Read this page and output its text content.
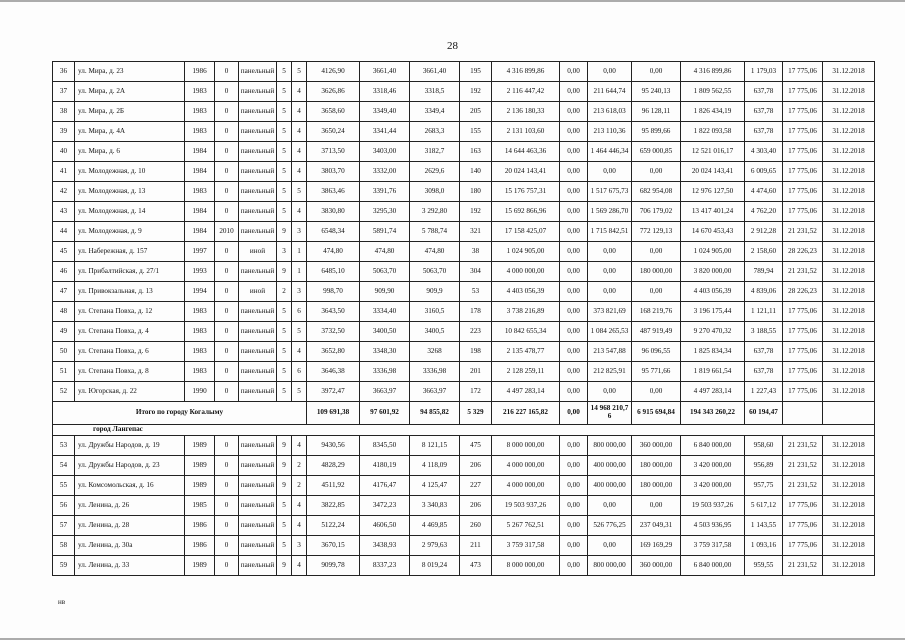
28
36	ул. Мира, д. 23	1986	0	панельный	5	5	4126,90	3661,40	3661,40	195	4 316 899,86	0,00	0,00	0,00	4 316 899,86	1 179,03	17 775,06	31.12.2018
37	ул. Мира, д. 2А	1983	0	панельный	5	4	3626,86	3318,46	3318,5	192	2 116 447,42	0,00	211 644,74	95 240,13	1 809 562,55	637,78	17 775,06	31.12.2018
38	ул. Мира, д. 2Б	1983	0	панельный	5	4	3658,60	3349,40	3349,4	205	2 136 180,33	0,00	213 618,03	96 128,11	1 826 434,19	637,78	17 775,06	31.12.2018
39	ул. Мира, д. 4А	1983	0	панельный	5	4	3650,24	3341,44	2683,3	155	2 131 103,60	0,00	213 110,36	95 899,66	1 822 093,58	637,78	17 775,06	31.12.2018
40	ул. Мира, д. 6	1984	0	панельный	5	4	3713,50	3403,00	3182,7	163	14 644 463,36	0,00	1 464 446,34	659 000,85	12 521 016,17	4 303,40	17 775,06	31.12.2018
41	ул. Молодежная, д. 10	1984	0	панельный	5	4	3803,70	3332,00	2629,6	140	20 024 143,41	0,00	0,00	0,00	20 024 143,41	6 009,65	17 775,06	31.12.2018
42	ул. Молодежная, д. 13	1983	0	панельный	5	5	3863,46	3391,76	3098,0	180	15 176 757,31	0,00	1 517 675,73	682 954,08	12 976 127,50	4 474,60	17 775,06	31.12.2018
43	ул. Молодежная, д. 14	1984	0	панельный	5	4	3830,80	3295,30	3 292,80	192	15 692 866,96	0,00	1 569 286,70	706 179,02	13 417 401,24	4 762,20	17 775,06	31.12.2018
44	ул. Молодежная, д. 9	1984	2010	панельный	9	3	6548,34	5891,74	5 788,74	321	17 158 425,07	0,00	1 715 842,51	772 129,13	14 670 453,43	2 912,28	21 231,52	31.12.2018
45	ул. Набережная, д. 157	1997	0	иной	3	1	474,80	474,80	474,80	38	1 024 905,00	0,00	0,00	0,00	1 024 905,00	2 158,60	28 226,23	31.12.2018
46	ул. Прибалтийская, д. 27/1	1993	0	панельный	9	1	6485,10	5063,70	5063,70	304	4 000 000,00	0,00	0,00	180 000,00	3 820 000,00	789,94	21 231,52	31.12.2018
47	ул. Привокзальная, д. 13	1994	0	иной	2	3	998,70	909,90	909,9	53	4 403 056,39	0,00	0,00	0,00	4 403 056,39	4 839,06	28 226,23	31.12.2018
48	ул. Степана Повха, д. 12	1983	0	панельный	5	6	3643,50	3334,40	3160,5	178	3 738 216,89	0,00	373 821,69	168 219,76	3 196 175,44	1 121,11	17 775,06	31.12.2018
49	ул. Степана Повха, д. 4	1983	0	панельный	5	5	3732,50	3400,50	3400,5	223	10 842 655,34	0,00	1 084 265,53	487 919,49	9 270 470,32	3 188,55	17 775,06	31.12.2018
50	ул. Степана Повха, д. 6	1983	0	панельный	5	4	3652,80	3348,30	3268	198	2 135 478,77	0,00	213 547,88	96 096,55	1 825 834,34	637,78	17 775,06	31.12.2018
51	ул. Степана Повха, д. 8	1983	0	панельный	5	6	3646,38	3336,98	3336,98	201	2 128 259,11	0,00	212 825,91	95 771,66	1 819 661,54	637,78	17 775,06	31.12.2018
52	ул. Югорская, д. 22	1990	0	панельный	5	5	3972,47	3663,97	3663,97	172	4 497 283,14	0,00	0,00	0,00	4 497 283,14	1 227,43	17 775,06	31.12.2018
Итого по городу Когалыму							109 691,38	97 601,92	94 855,82	5 329	216 227 165,82	0,00	14 968 210,76	6 915 694,84	194 343 260,22	60 194,47		
город Лангепас																		
53	ул. Дружбы Народов, д. 19	1989	0	панельный	9	4	9430,56	8345,50	8 121,15	475	8 000 000,00	0,00	800 000,00	360 000,00	6 840 000,00	958,60	21 231,52	31.12.2018
54	ул. Дружбы Народов, д. 23	1989	0	панельный	9	2	4828,29	4180,19	4 118,09	206	4 000 000,00	0,00	400 000,00	180 000,00	3 420 000,00	956,89	21 231,52	31.12.2018
55	ул. Комсомольская, д. 16	1989	0	панельный	9	2	4511,92	4176,47	4 125,47	227	4 000 000,00	0,00	400 000,00	180 000,00	3 420 000,00	957,75	21 231,52	31.12.2018
56	ул. Ленина, д. 26	1985	0	панельный	5	4	3822,85	3472,23	3 340,83	206	19 503 937,26	0,00	0,00	0,00	19 503 937,26	5 617,12	17 775,06	31.12.2018
57	ул. Ленина, д. 28	1986	0	панельный	5	4	5122,24	4606,50	4 469,85	260	5 267 762,51	0,00	526 776,25	237 049,31	4 503 936,95	1 143,55	17 775,06	31.12.2018
58	ул. Ленина, д. 30а	1986	0	панельный	5	3	3670,15	3438,93	2 979,63	211	3 759 317,58	0,00	0,00	169 169,29	3 759 317,58	1 093,16	17 775,06	31.12.2018
59	ул. Ленина, д. 33	1989	0	панельный	9	4	9099,78	8337,23	8 019,24	473	8 000 000,00	0,00	800 000,00	360 000,00	6 840 000,00	959,55	21 231,52	31.12.2018
нв
